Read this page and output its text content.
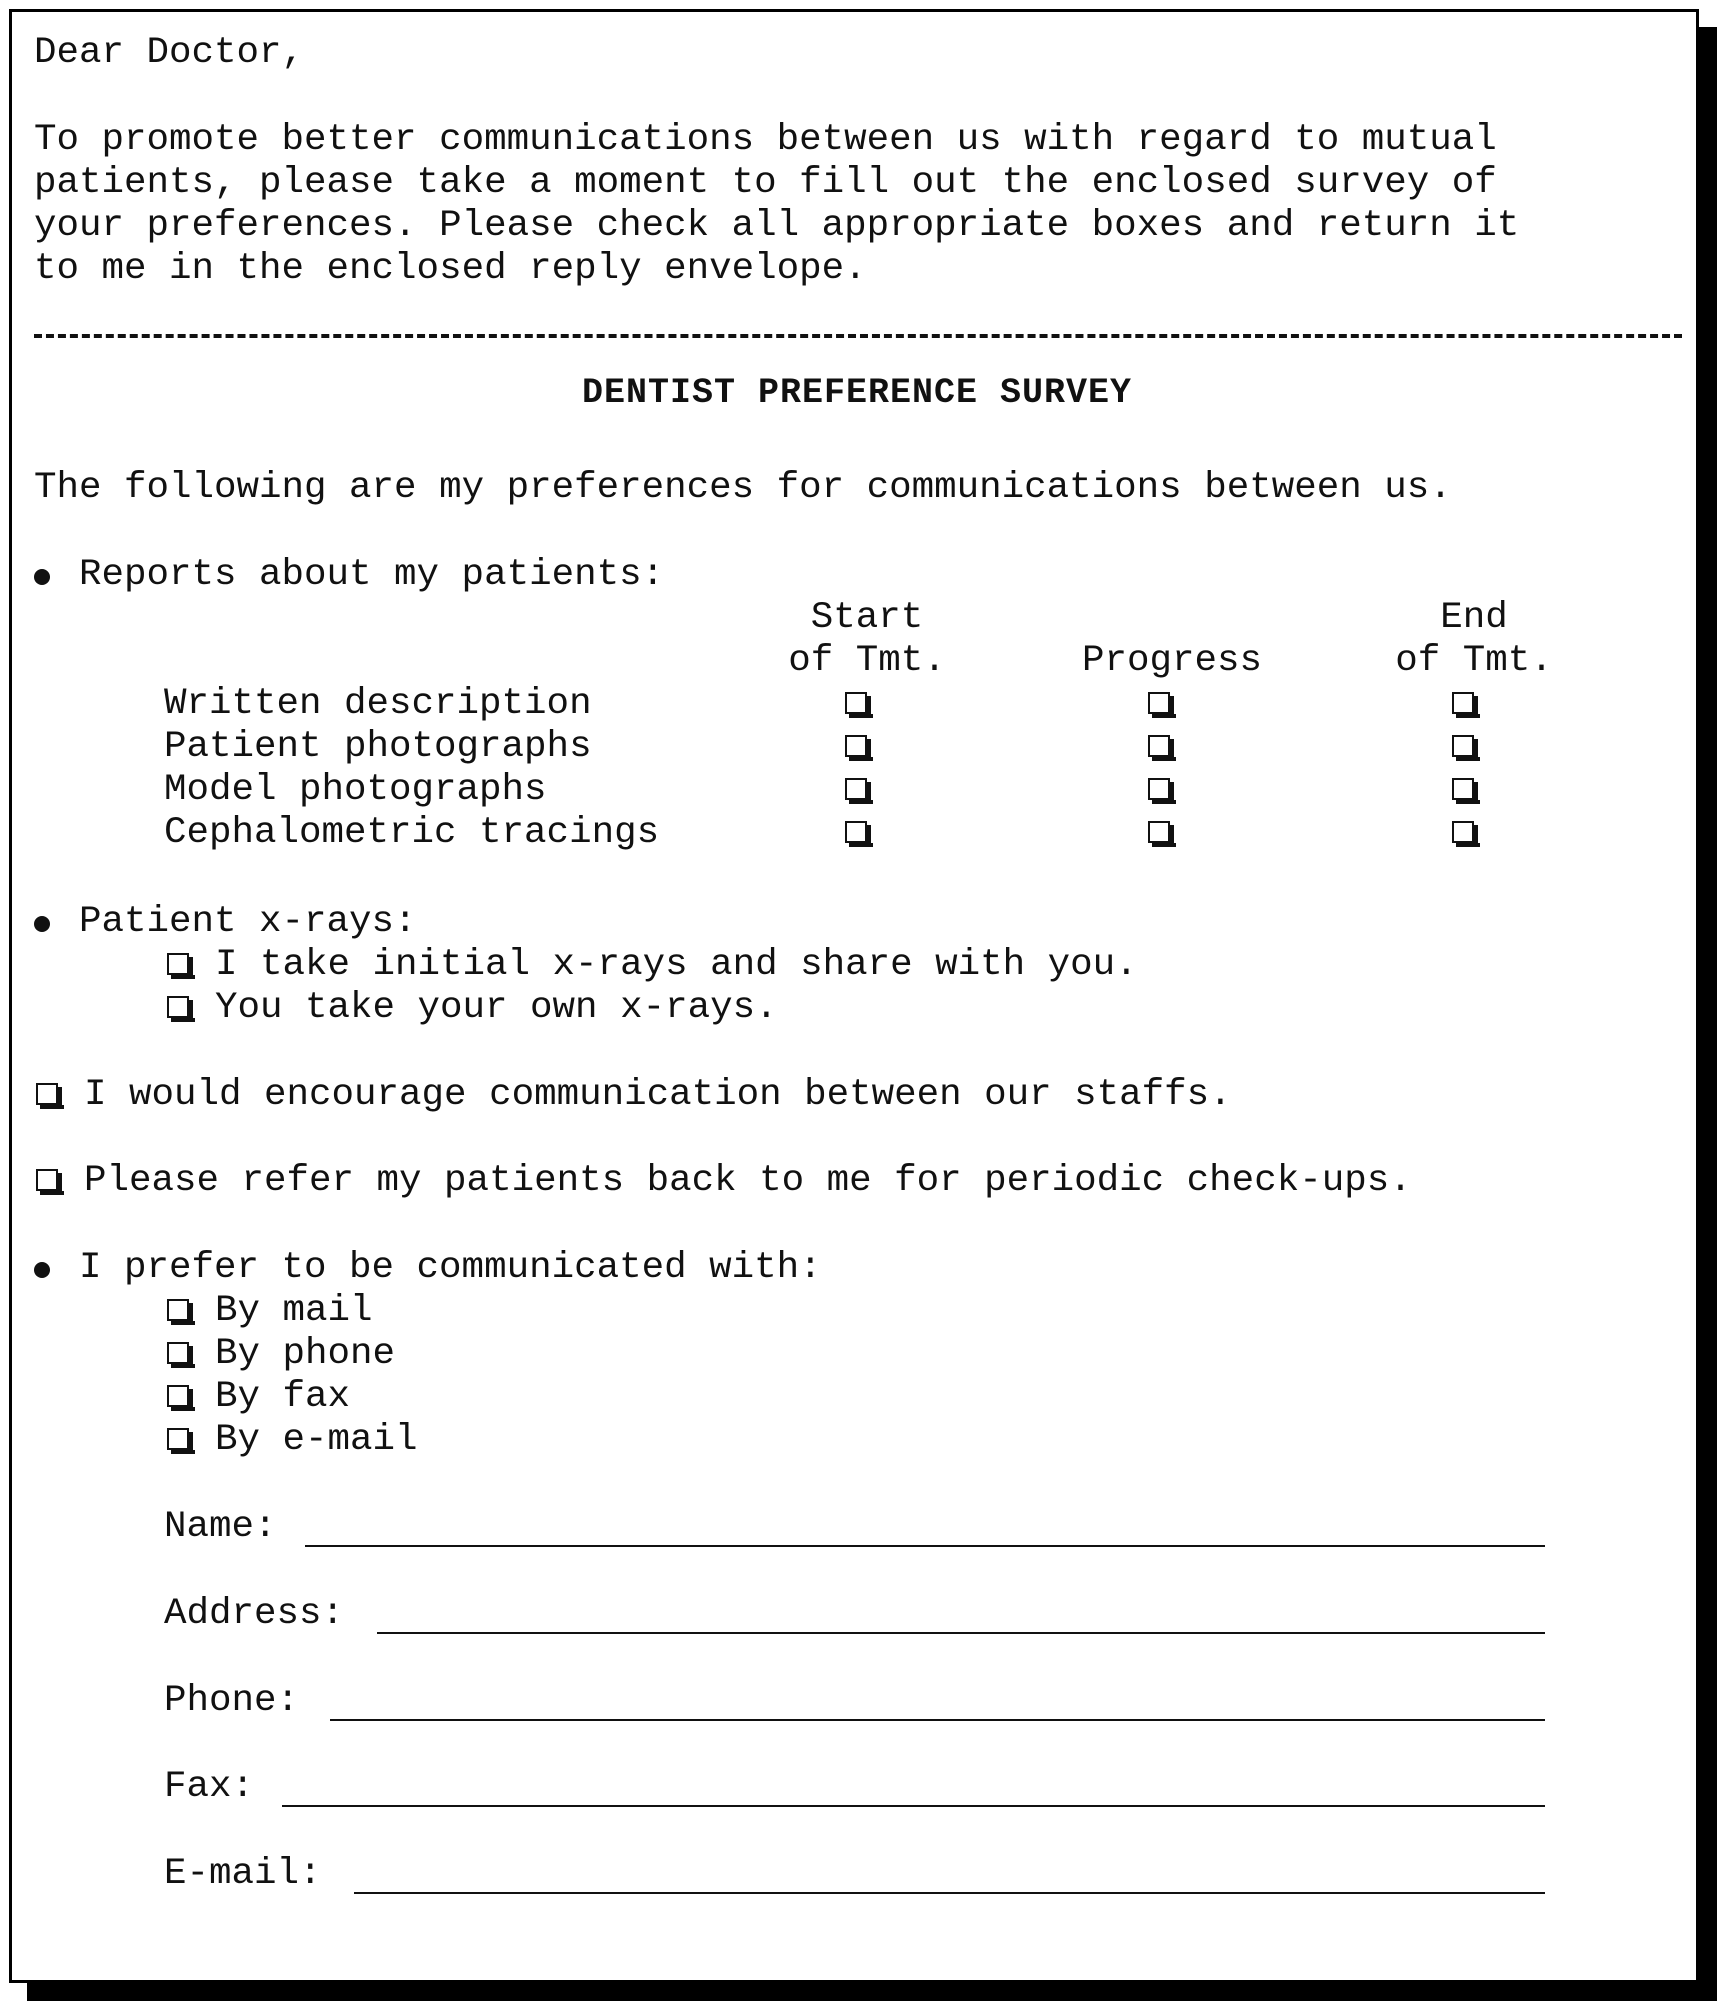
Dear Doctor,
To promote better communications between us with regard to mutual
patients, please take a moment to fill out the enclosed survey of
your preferences. Please check all appropriate boxes and return it
to me in the enclosed reply envelope.
DENTIST PREFERENCE SURVEY
The following are my preferences for communications between us.
Reports about my patients:
Start
of Tmt.	Progress
End
of Tmt.
Written description
Patient photographs
Model photographs
Cephalometric tracings
Patient x-rays:
I take initial x-rays and share with you.
You take your own x-rays.
I would encourage communication between our staffs.
Please refer my patients back to me for periodic check-ups.
I prefer to be communicated with:
By mail
By phone
By fax
By e-mail
Name:
Address:
Phone:
Fax:
E-mail:
